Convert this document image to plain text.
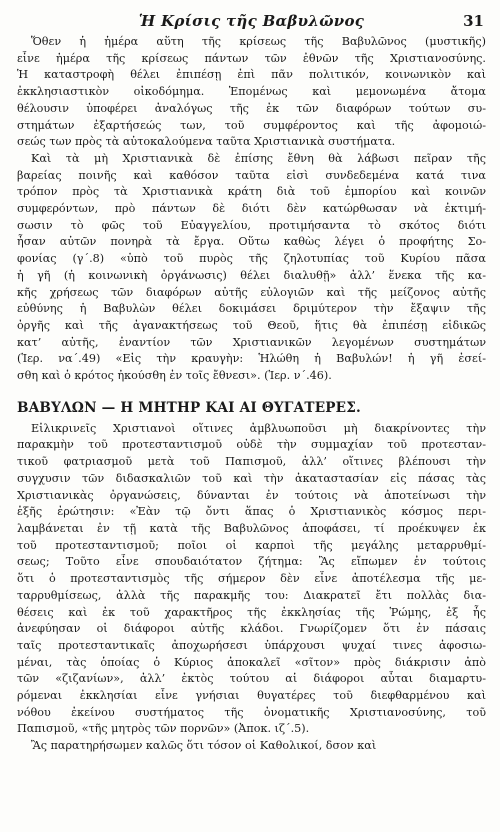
Ἡ Κρίσις τῆς Βαβυλῶνος	31
Ὅθεν ἡ ἡμέρα αὕτη τῆς κρίσεως τῆς Βαβυλῶνος (μυστικῆς)
εἶνε ἡμέρα τῆς κρίσεως πάντων τῶν ἐθνῶν τῆς Χριστιανοσύνης.
Ἡ καταστροφὴ θέλει ἐπιπέσῃ ἐπὶ πᾶν πολιτικόν, κοινωνικὸν καὶ
ἐκκλησιαστικὸν οἰκοδόμημα. Ἑπομένως καὶ μεμονωμένα ἄτομα
θέλουσιν ὑποφέρει ἀναλόγως τῆς ἐκ τῶν διαφόρων τούτων συ-
στημάτων ἐξαρτήσεώς των, τοῦ συμφέροντος καὶ τῆς ἀφομοιώ-
σεώς των πρὸς τὰ αὐτοκαλούμενα ταῦτα Χριστιανικὰ συστήματα.
Καὶ τὰ μὴ Χριστιανικὰ δὲ ἐπίσης ἔθνη θὰ λάβωσι πεῖραν τῆς
βαρείας ποινῆς καὶ καθόσον ταῦτα εἰσὶ συνδεδεμένα κατά τινα
τρόπον πρὸς τὰ Χριστιανικὰ κράτη διὰ τοῦ ἐμπορίου καὶ κοινῶν
συμφερόντων, πρὸ πάντων δὲ διότι δὲν κατώρθωσαν νὰ ἐκτιμή-
σωσιν τὸ φῶς τοῦ Εὐαγγελίου, προτιμήσαντα τὸ σκότος διότι
ἦσαν αὐτῶν πονηρὰ τὰ ἔργα. Οὕτω καθὼς λέγει ὁ προφήτης Σο-
φονίας (γ΄.8) «ὑπὸ τοῦ πυρὸς τῆς ζηλοτυπίας τοῦ Κυρίου πᾶσα
ἡ γῆ (ἡ κοινωνικὴ ὀργάνωσις) θέλει διαλυθῇ» ἀλλ’ ἕνεκα τῆς κα-
κῆς χρήσεως τῶν διαφόρων αὐτῆς εὐλογιῶν καὶ τῆς μείζονος αὐτῆς
εὐθύνης ἡ Βαβυλὼν θέλει δοκιμάσει δριμύτερον τὴν ἔξαψιν τῆς
ὀργῆς καὶ τῆς ἀγανακτήσεως τοῦ Θεοῦ, ἥτις θὰ ἐπιπέσῃ εἰδικῶς
κατ’ αὐτῆς, ἐναντίον τῶν Χριστιανικῶν λεγομένων συστημάτων
(Ἱερ. να΄.49) «Εἰς τὴν κραυγὴν: Ἡλώθη ἡ Βαβυλών! ἡ γῆ ἐσεί-
σθη καὶ ὁ κρότος ἠκούσθη ἐν τοῖς ἔθνεσι». (Ἱερ. ν΄.46).
ΒΑΒΥΛΩΝ — Η ΜΗΤΗΡ ΚΑΙ ΑΙ ΘΥΓΑΤΕΡΕΣ.
Εἰλικρινεῖς Χριστιανοὶ οἵτινες ἀμβλυωποῦσι μὴ διακρίνοντες τὴν
παρακμὴν τοῦ προτεσταντισμοῦ οὐδὲ τὴν συμμαχίαν τοῦ προτεσταν-
τικοῦ φατριασμοῦ μετὰ τοῦ Παπισμοῦ, ἀλλ’ οἵτινες βλέπουσι τὴν
συγχυσιν τῶν διδασκαλιῶν τοῦ καὶ τὴν ἀκαταστασίαν εἰς πάσας τὰς
Χριστιανικὰς ὀργανώσεις, δύνανται ἐν τούτοις νὰ ἀποτείνωσι τὴν
ἑξῆς ἐρώτησιν: «Ἐὰν τῷ ὄντι ἅπας ὁ Χριστιανικὸς κόσμος περι-
λαμβάνεται ἐν τῇ κατὰ τῆς Βαβυλῶνος ἀποφάσει, τί προέκυψεν ἐκ
τοῦ προτεσταντισμοῦ; ποῖοι οἱ καρποὶ τῆς μεγάλης μεταρρυθμί-
σεως; Τοῦτο εἶνε σπουδαιότατον ζήτημα: Ἂς εἴπωμεν ἐν τούτοις
ὅτι ὁ προτεσταντισμὸς τῆς σήμερον δὲν εἶνε ἀποτέλεσμα τῆς με-
ταρρυθμίσεως, ἀλλὰ τῆς παρακμῆς του: Διακρατεῖ ἔτι πολλὰς δια-
θέσεις καὶ ἐκ τοῦ χαρακτῆρος τῆς ἐκκλησίας τῆς Ῥώμης, ἐξ ἧς
ἀνεφύησαν οἱ διάφοροι αὐτῆς κλάδοι. Γνωρίζομεν ὅτι ἐν πάσαις
ταῖς προτεσταντικαῖς ἀποχωρήσεσι ὑπάρχουσι ψυχαί τινες ἀφοσιω-
μέναι, τὰς ὁποίας ὁ Κύριος ἀποκαλεῖ «σῖτον» πρὸς διάκρισιν ἀπὸ
τῶν «ζιζανίων», ἀλλ’ ἐκτὸς τούτου αἱ διάφοροι αὗται διαμαρτυ-
ρόμεναι ἐκκλησίαι εἶνε γνήσιαι θυγατέρες τοῦ διεφθαρμένου καὶ
νόθου ἐκείνου συστήματος τῆς ὀνοματικῆς Χριστιανοσύνης, τοῦ
Παπισμοῦ, «τῆς μητρὸς τῶν πορνῶν» (Ἀποκ. ιζ΄.5).
Ἂς παρατηρήσωμεν καλῶς ὅτι τόσον οἱ Καθολικοί, δσον καὶ
